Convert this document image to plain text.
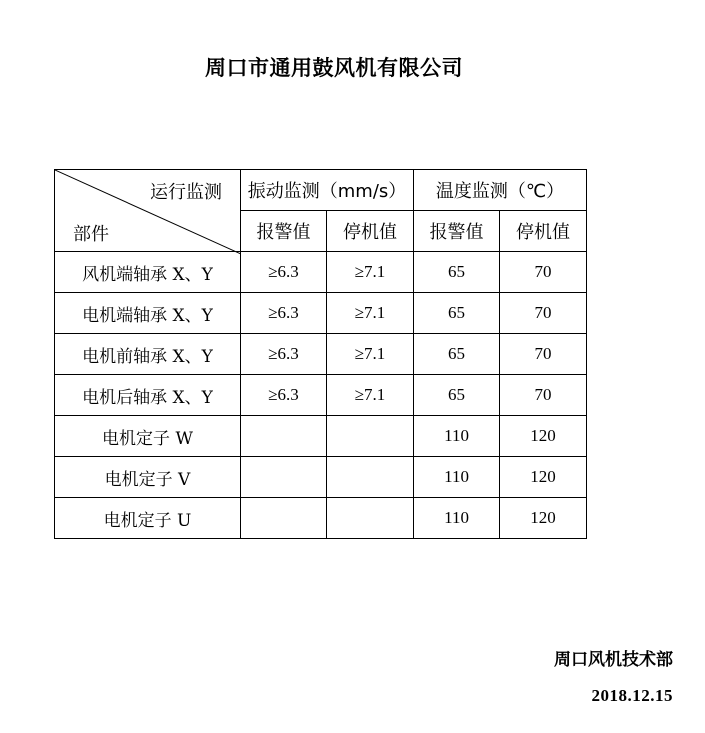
周口市通用鼓风机有限公司
运行监测
部件	振动监测（mm/s）		温度监测（℃）	
	报警值	停机值	报警值	停机值
风机端轴承 X、Y	≥6.3	≥7.1	65	70
电机端轴承 X、Y	≥6.3	≥7.1	65	70
电机前轴承 X、Y	≥6.3	≥7.1	65	70
电机后轴承 X、Y	≥6.3	≥7.1	65	70
电机定子 W			110	120
电机定子 V			110	120
电机定子 U			110	120
周口风机技术部
2018.12.15
